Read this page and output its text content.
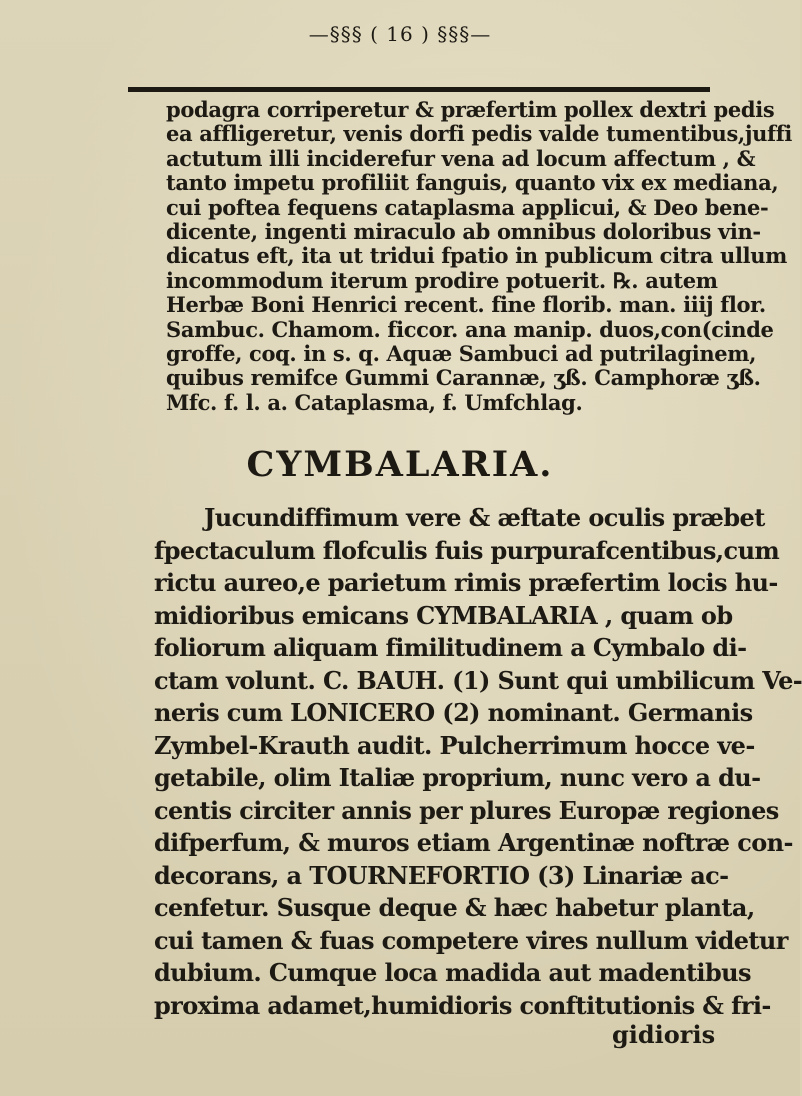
—§§§ ( 16 ) §§§—
podagra corriperetur & præfertim pollex dextri pedis
ea affligeretur, venis dorfi pedis valde tumentibus,juffi
actutum illi inciderefur vena ad locum affectum , &
tanto impetu profiliit fanguis, quanto vix ex mediana,
cui poftea fequens cataplasma applicui, & Deo bene-
dicente, ingenti miraculo ab omnibus doloribus vin-
dicatus eft, ita ut tridui fpatio in publicum citra ullum
incommodum iterum prodire potuerit. ℞. autem
Herbæ Boni Henrici recent. fine florib. man. iiij flor.
Sambuc. Chamom. ficcor. ana manip. duos,con(cinde
groffe, coq. in s. q. Aquæ Sambuci ad putrilaginem,
quibus remifce Gummi Carannæ, ʒß. Camphoræ ʒß.
Mfc. f. l. a. Cataplasma, f. Umfchlag.
CYMBALARIA.
Jucundiffimum vere & æftate oculis præbet
fpectaculum flofculis fuis purpurafcentibus,cum
rictu aureo,e parietum rimis præfertim locis hu-
midioribus emicans CYMBALARIA , quam ob
foliorum aliquam fimilitudinem a Cymbalo di-
ctam volunt. C. BAUH. (1) Sunt qui umbilicum Ve-
neris cum LONICERO (2) nominant. Germanis
Zymbel-Krauth audit. Pulcherrimum hocce ve-
getabile, olim Italiæ proprium, nunc vero a du-
centis circiter annis per plures Europæ regiones
difperfum, & muros etiam Argentinæ noftræ con-
decorans, a TOURNEFORTIO (3) Linariæ ac-
cenfetur. Susque deque & hæc habetur planta,
cui tamen & fuas competere vires nullum videtur
dubium. Cumque loca madida aut madentibus
proxima adamet,humidioris conftitutionis & fri-
gidioris
